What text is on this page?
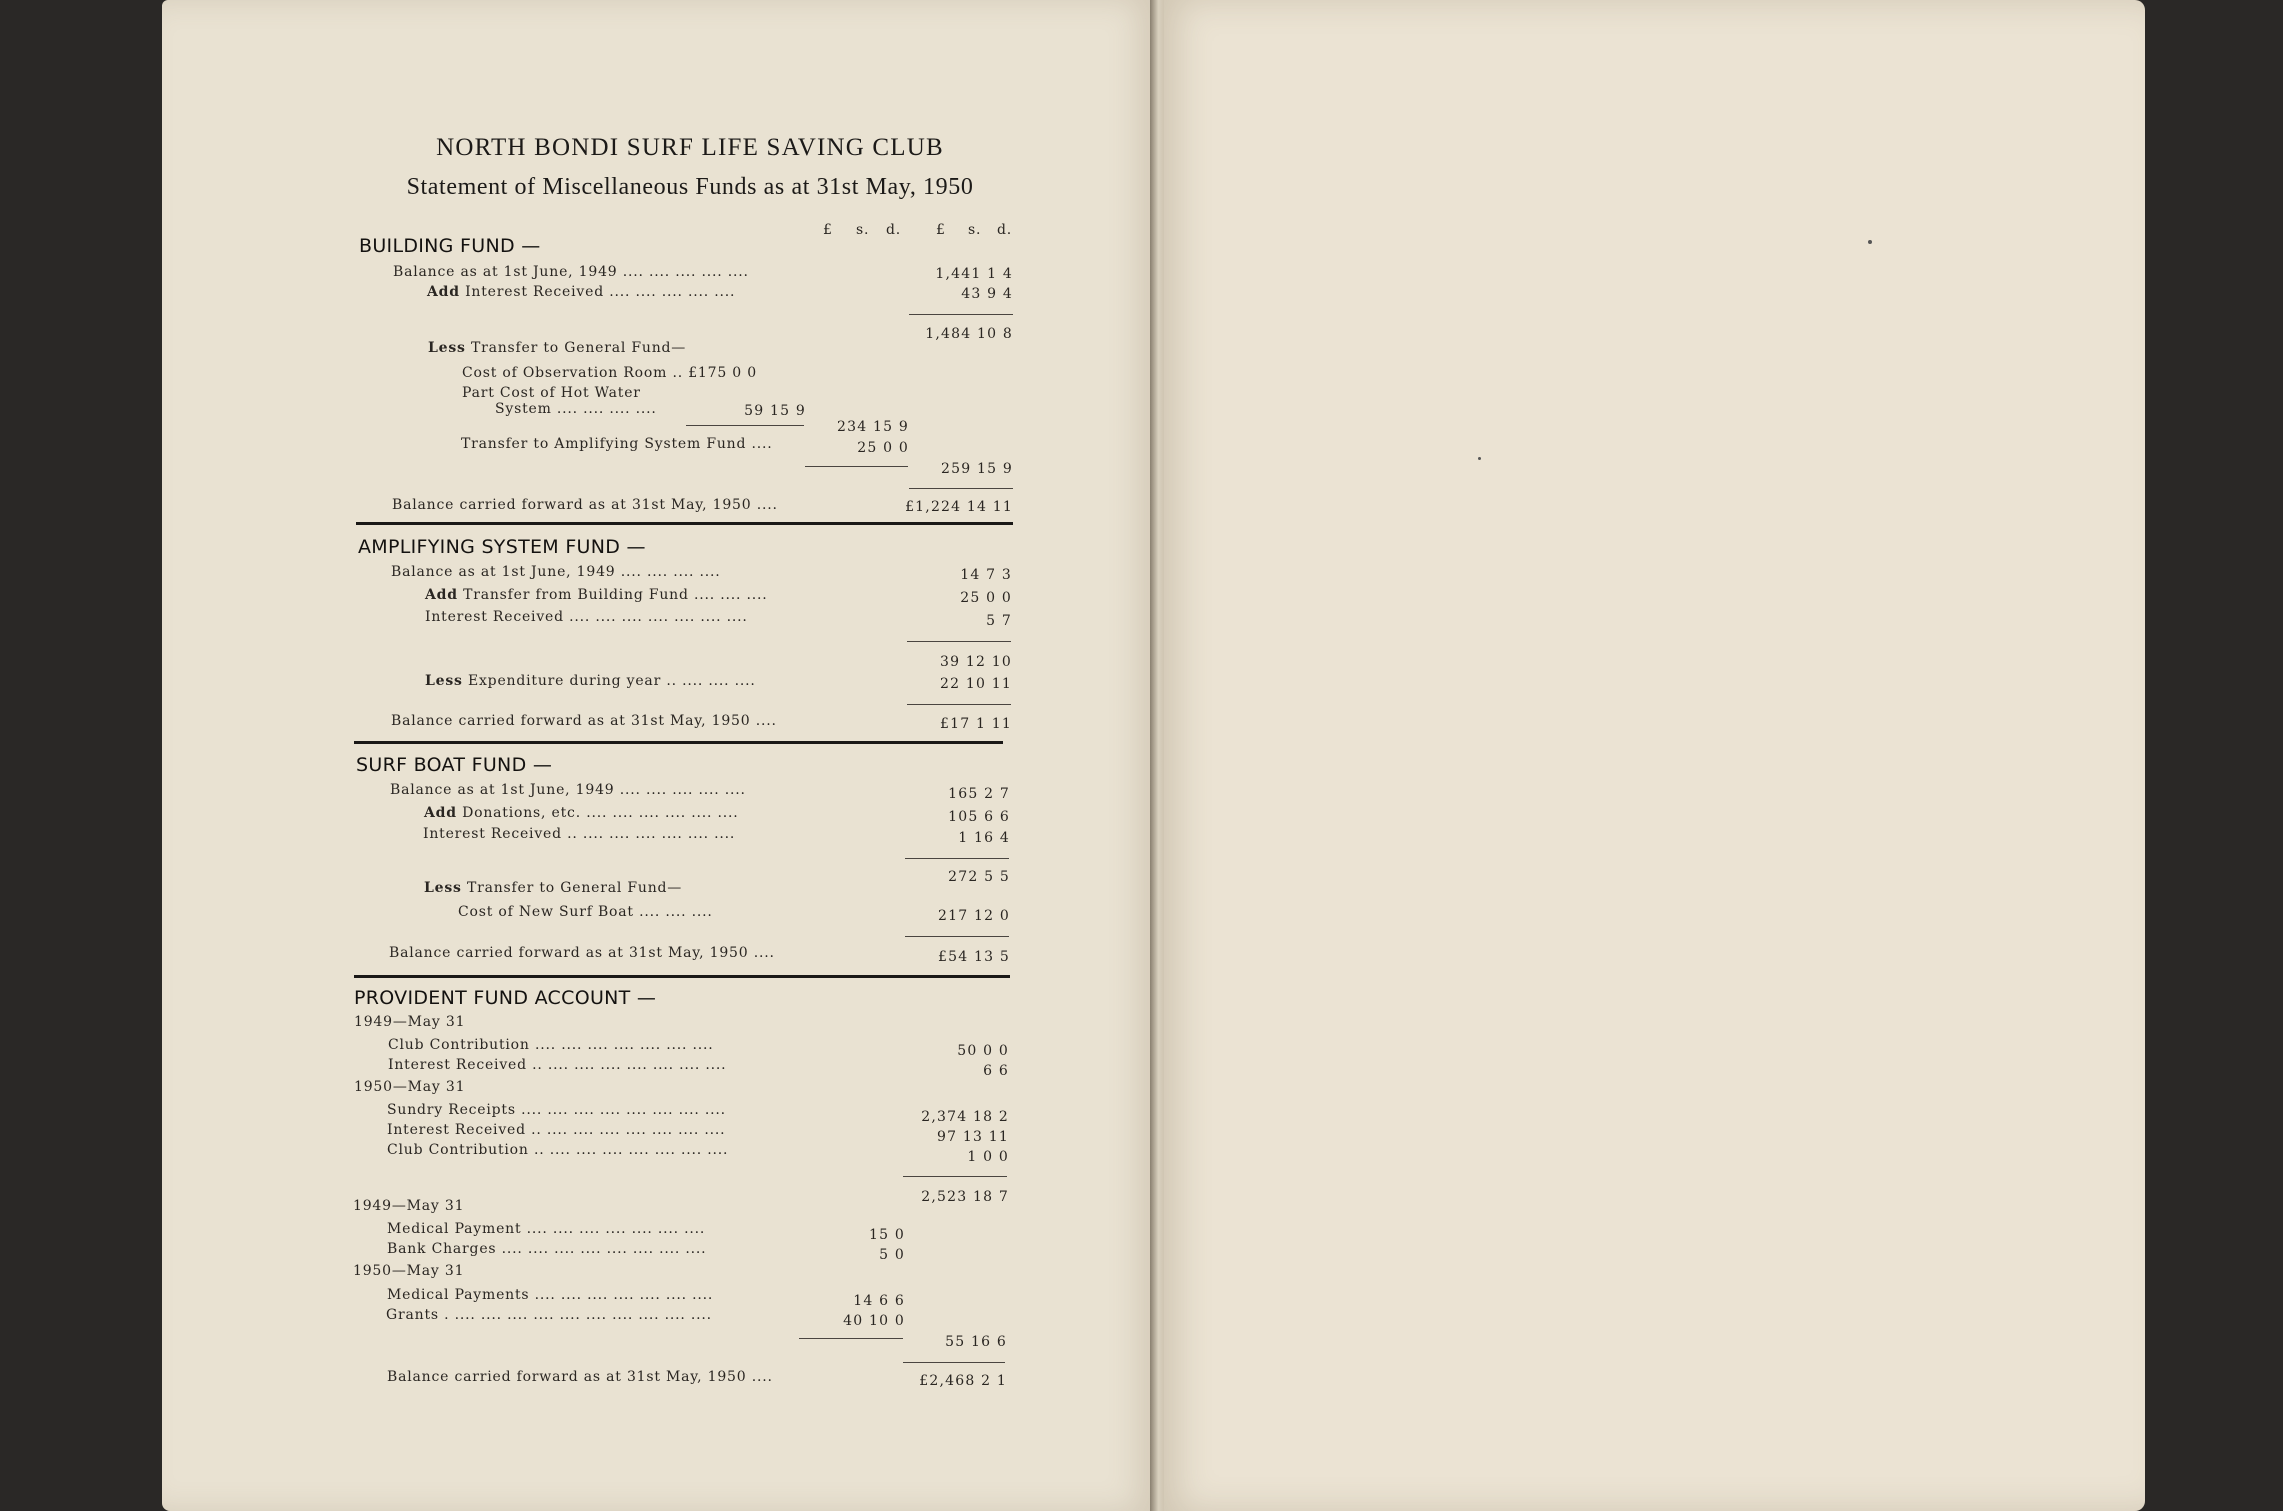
NORTH BONDI SURF LIFE SAVING CLUB
Statement of Miscellaneous Funds as at 31st May, 1950
£ s. d. £ s. d.
BUILDING FUND —
Balance as at 1st June, 1949 .... .... .... .... ....	1,441 1 4
Add Interest Received .... .... .... .... ....	43 9 4
1,484 10 8
Less Transfer to General Fund—
Cost of Observation Room .. £175 0 0
Part Cost of Hot Water
System .... .... .... ....	59 15 9
234 15 9
Transfer to Amplifying System Fund ....	25 0 0
259 15 9
Balance carried forward as at 31st May, 1950 ....	£1,224 14 11
AMPLIFYING SYSTEM FUND —
Balance as at 1st June, 1949 .... .... .... ....	14 7 3
Add Transfer from Building Fund .... .... ....	25 0 0
Interest Received .... .... .... .... .... .... ....	5 7
39 12 10
Less Expenditure during year .. .... .... ....	22 10 11
Balance carried forward as at 31st May, 1950 ....	£17 1 11
SURF BOAT FUND —
Balance as at 1st June, 1949 .... .... .... .... ....	165 2 7
Add Donations, etc. .... .... .... .... .... ....	105 6 6
Interest Received .. .... .... .... .... .... ....	1 16 4
272 5 5
Less Transfer to General Fund—
Cost of New Surf Boat .... .... ....	217 12 0
Balance carried forward as at 31st May, 1950 ....	£54 13 5
PROVIDENT FUND ACCOUNT —
1949—May 31
Club Contribution .... .... .... .... .... .... ....	50 0 0
Interest Received .. .... .... .... .... .... .... ....	6 6
1950—May 31
Sundry Receipts .... .... .... .... .... .... .... ....	2,374 18 2
Interest Received .. .... .... .... .... .... .... ....	97 13 11
Club Contribution .. .... .... .... .... .... .... ....	1 0 0
2,523 18 7
1949—May 31
Medical Payment .... .... .... .... .... .... ....	15 0
Bank Charges .... .... .... .... .... .... .... ....	5 0
1950—May 31
Medical Payments .... .... .... .... .... .... ....	14 6 6
Grants . .... .... .... .... .... .... .... .... .... ....	40 10 0
55 16 6
Balance carried forward as at 31st May, 1950 ....	£2,468 2 1
